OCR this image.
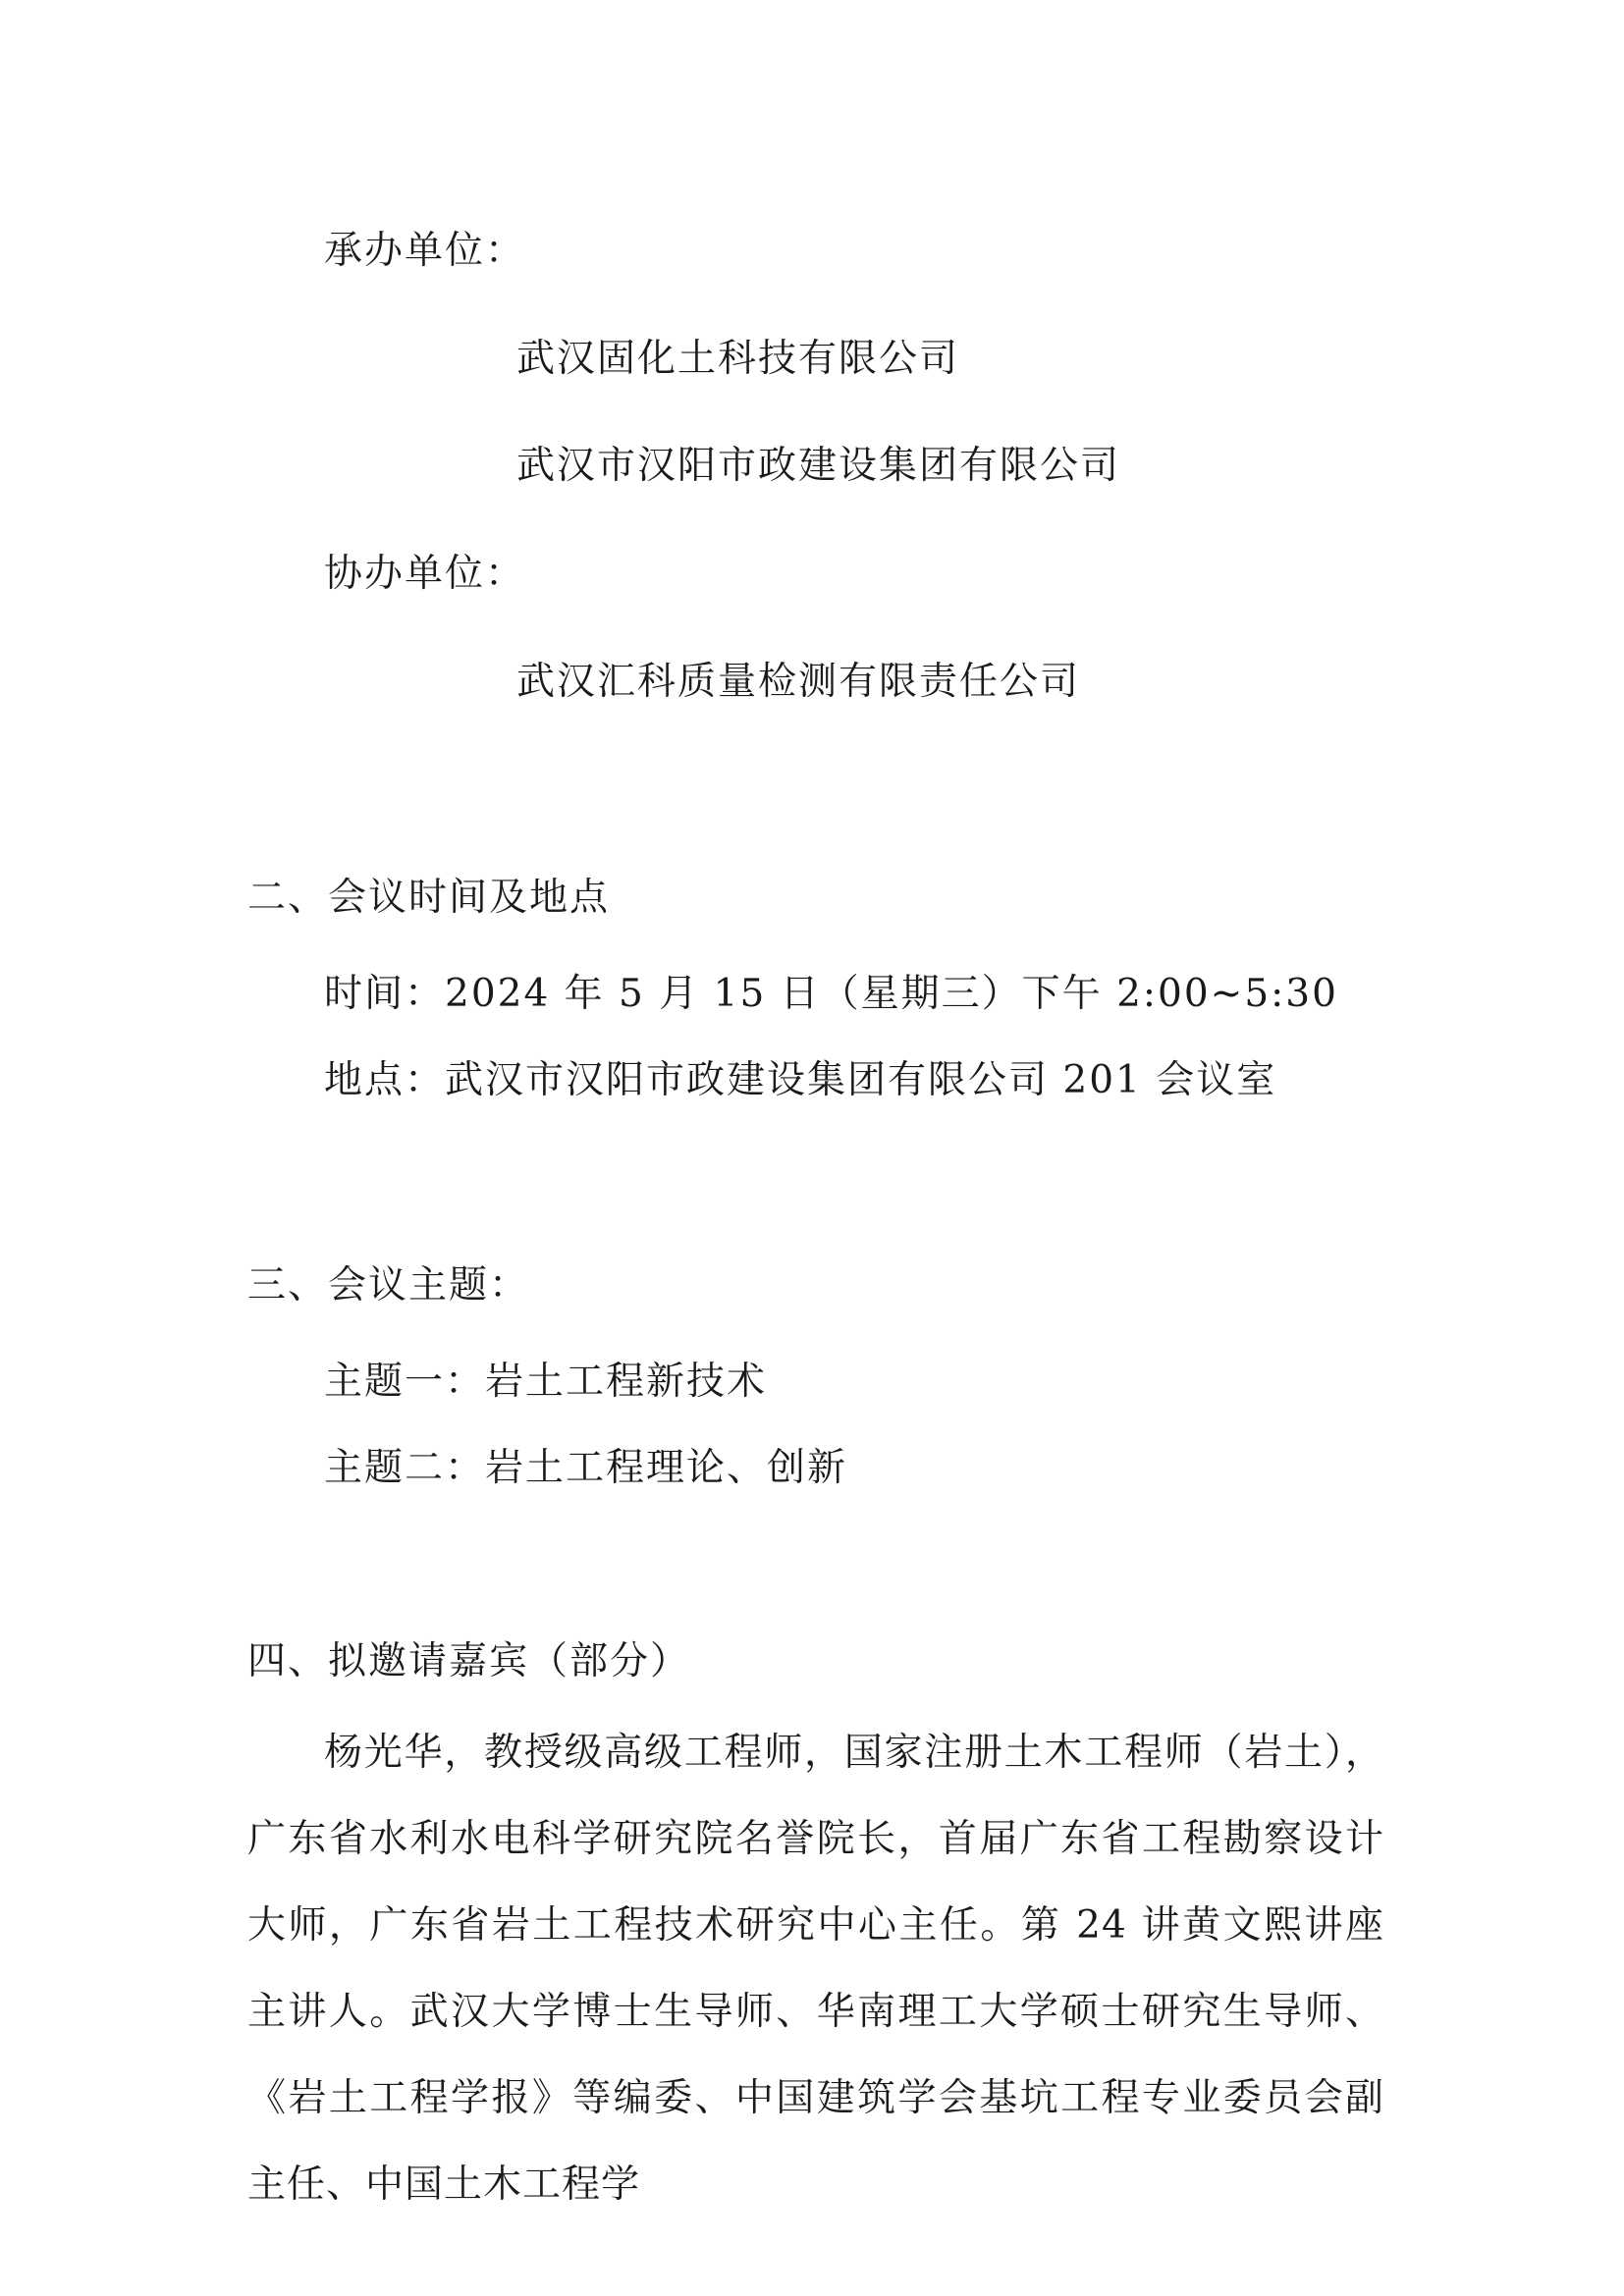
承办单位：
武汉固化土科技有限公司
武汉市汉阳市政建设集团有限公司
协办单位：
武汉汇科质量检测有限责任公司
二、会议时间及地点
时间：2024 年 5 月 15 日（星期三）下午 2:00~5:30
地点：武汉市汉阳市政建设集团有限公司 201 会议室
三、会议主题：
主题一：岩土工程新技术
主题二：岩土工程理论、创新
四、拟邀请嘉宾（部分）
杨光华，教授级高级工程师，国家注册土木工程师（岩土），广东省水利水电科学研究院名誉院长，首届广东省工程勘察设计大师，广东省岩土工程技术研究中心主任。第 24 讲黄文熙讲座主讲人。武汉大学博士生导师、华南理工大学硕士研究生导师、《岩土工程学报》等编委、中国建筑学会基坑工程专业委员会副主任、中国土木工程学
